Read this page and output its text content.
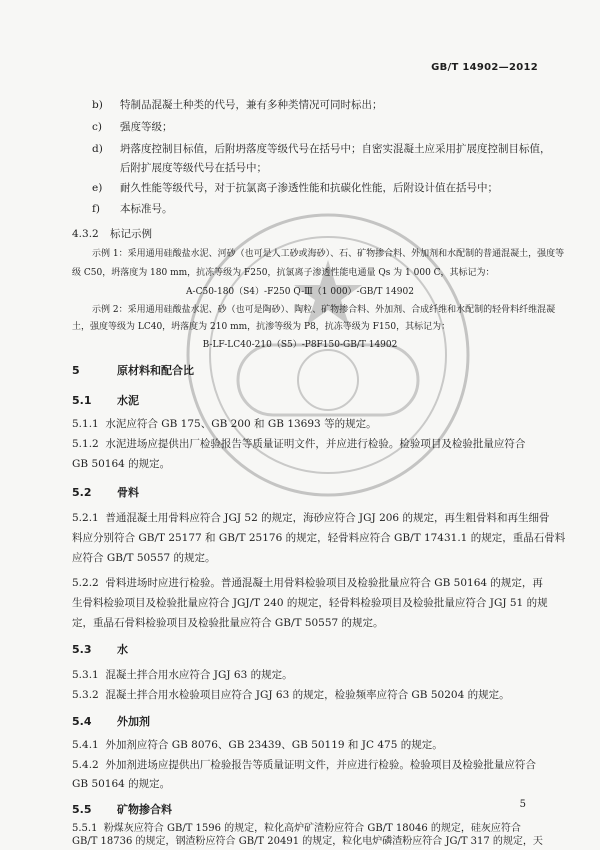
GB/T 14902—2012
b) 特制品混凝土种类的代号，兼有多种类情况可同时标出；
c) 强度等级；
d) 坍落度控制目标值，后附坍落度等级代号在括号中；自密实混凝土应采用扩展度控制目标值，
后附扩展度等级代号在括号中；
e) 耐久性能等级代号，对于抗氯离子渗透性能和抗碳化性能，后附设计值在括号中；
f) 本标准号。
4.3.2 标记示例
示例 1：采用通用硅酸盐水泥、河砂（也可是人工砂或海砂）、石、矿物掺合料、外加剂和水配制的普通混凝土，强度等
级 C50，坍落度为 180 mm，抗冻等级为 F250，抗氯离子渗透性能电通量 Qs 为 1 000 C，其标记为：
A-C50-180（S4）-F250 Q-Ⅲ（1 000）-GB/T 14902
示例 2：采用通用硅酸盐水泥、砂（也可是陶砂）、陶粒、矿物掺合料、外加剂、合成纤维和水配制的轻骨料纤维混凝
土，强度等级为 LC40，坍落度为 210 mm，抗渗等级为 P8，抗冻等级为 F150，其标记为：
B-LF-LC40-210（S5）-P8F150-GB/T 14902
5	原材料和配合比
5.1 水泥
5.1.1 水泥应符合 GB 175、GB 200 和 GB 13693 等的规定。
5.1.2 水泥进场应提供出厂检验报告等质量证明文件，并应进行检验。检验项目及检验批量应符合
GB 50164 的规定。
5.2 骨料
5.2.1 普通混凝土用骨料应符合 JGJ 52 的规定，海砂应符合 JGJ 206 的规定，再生粗骨料和再生细骨
料应分别符合 GB/T 25177 和 GB/T 25176 的规定，轻骨料应符合 GB/T 17431.1 的规定，重晶石骨料
应符合 GB/T 50557 的规定。
5.2.2 骨料进场时应进行检验。普通混凝土用骨料检验项目及检验批量应符合 GB 50164 的规定，再
生骨料检验项目及检验批量应符合 JGJ/T 240 的规定，轻骨料检验项目及检验批量应符合 JGJ 51 的规
定，重晶石骨料检验项目及检验批量应符合 GB/T 50557 的规定。
5.3 水
5.3.1 混凝土拌合用水应符合 JGJ 63 的规定。
5.3.2 混凝土拌合用水检验项目应符合 JGJ 63 的规定，检验频率应符合 GB 50204 的规定。
5.4 外加剂
5.4.1 外加剂应符合 GB 8076、GB 23439、GB 50119 和 JC 475 的规定。
5.4.2 外加剂进场应提供出厂检验报告等质量证明文件，并应进行检验。检验项目及检验批量应符合
GB 50164 的规定。
5.5 矿物掺合料
5.5.1 粉煤灰应符合 GB/T 1596 的规定，粒化高炉矿渣粉应符合 GB/T 18046 的规定，硅灰应符合
GB/T 18736 的规定，钢渣粉应符合 GB/T 20491 的规定，粒化电炉磷渣粉应符合 JG/T 317 的规定，天
5
